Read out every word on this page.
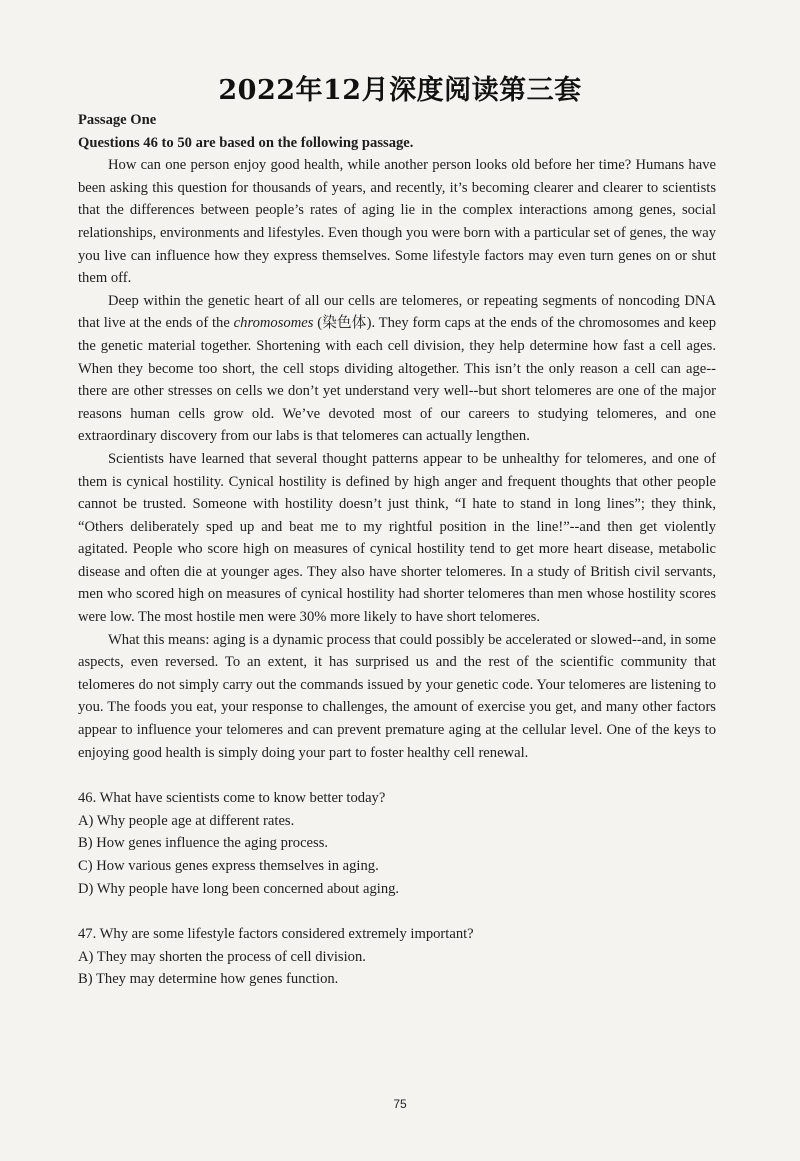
2022年12月深度阅读第三套

Passage One

Questions 46 to 50 are based on the following passage.

How can one person enjoy good health, while another person looks old before her time? Humans have been asking this question for thousands of years, and recently, it’s becoming clearer and clearer to scientists that the differences between people’s rates of aging lie in the complex interactions among genes, social relationships, environments and lifestyles. Even though you were born with a particular set of genes, the way you live can influence how they express themselves. Some lifestyle factors may even turn genes on or shut them off.

Deep within the genetic heart of all our cells are telomeres, or repeating segments of noncoding DNA that live at the ends of the chromosomes (染色体). They form caps at the ends of the chromosomes and keep the genetic material together. Shortening with each cell division, they help determine how fast a cell ages. When they become too short, the cell stops dividing altogether. This isn’t the only reason a cell can age--there are other stresses on cells we don’t yet understand very well--but short telomeres are one of the major reasons human cells grow old. We’ve devoted most of our careers to studying telomeres, and one extraordinary discovery from our labs is that telomeres can actually lengthen.

Scientists have learned that several thought patterns appear to be unhealthy for telomeres, and one of them is cynical hostility. Cynical hostility is defined by high anger and frequent thoughts that other people cannot be trusted. Someone with hostility doesn’t just think, “I hate to stand in long lines”; they think, “Others deliberately sped up and beat me to my rightful position in the line!”--and then get violently agitated. People who score high on measures of cynical hostility tend to get more heart disease, metabolic disease and often die at younger ages. They also have shorter telomeres. In a study of British civil servants, men who scored high on measures of cynical hostility had shorter telomeres than men whose hostility scores were low. The most hostile men were 30% more likely to have short telomeres.

What this means: aging is a dynamic process that could possibly be accelerated or slowed--and, in some aspects, even reversed. To an extent, it has surprised us and the rest of the scientific community that telomeres do not simply carry out the commands issued by your genetic code. Your telomeres are listening to you. The foods you eat, your response to challenges, the amount of exercise you get, and many other factors appear to influence your telomeres and can prevent premature aging at the cellular level. One of the keys to enjoying good health is simply doing your part to foster healthy cell renewal.

46. What have scientists come to know better today?

A) Why people age at different rates.

B) How genes influence the aging process.

C) How various genes express themselves in aging.

D) Why people have long been concerned about aging.

47. Why are some lifestyle factors considered extremely important?

A) They may shorten the process of cell division.

B) They may determine how genes function.

75
